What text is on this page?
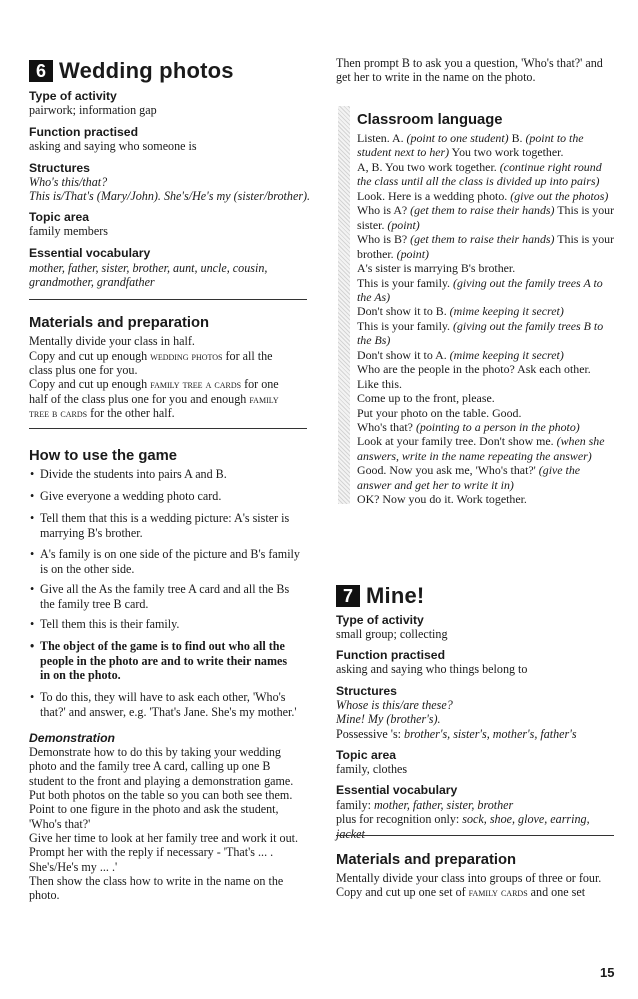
6 Wedding photos
Type of activity
pairwork; information gap
Function practised
asking and saying who someone is
Structures
Who's this/that?
This is/That's (Mary/John). She's/He's my (sister/brother).
Topic area
family members
Essential vocabulary
mother, father, sister, brother, aunt, uncle, cousin,
grandmother, grandfather
Materials and preparation
Mentally divide your class in half.
Copy and cut up enough wedding photos for all the
class plus one for you.
Copy and cut up enough family tree a cards for one
half of the class plus one for you and enough family
tree b cards for the other half.
How to use the game
• Divide the students into pairs A and B.
• Give everyone a wedding photo card.
• Tell them that this is a wedding picture: A's sister is
marrying B's brother.
• A's family is on one side of the picture and B's family
is on the other side.
• Give all the As the family tree A card and all the Bs
the family tree B card.
• Tell them this is their family.
• The object of the game is to find out who all the
people in the photo are and to write their names
in on the photo.
• To do this, they will have to ask each other, 'Who's
that?' and answer, e.g. 'That's Jane. She's my mother.'
Demonstration
Demonstrate how to do this by taking your wedding
photo and the family tree A card, calling up one B
student to the front and playing a demonstration game.
Put both photos on the table so you can both see them.
Point to one figure in the photo and ask the student,
'Who's that?'
Give her time to look at her family tree and work it out.
Prompt her with the reply if necessary - 'That's ... .
She's/He's my ... .'
Then show the class how to write in the name on the
photo.
Then prompt B to ask you a question, 'Who's that?' and
get her to write in the name on the photo.
Classroom language
Listen. A. (point to one student) B. (point to the
student next to her) You two work together.
A, B. You two work together. (continue right round
the class until all the class is divided up into pairs)
Look. Here is a wedding photo. (give out the photos)
Who is A? (get them to raise their hands) This is your
sister. (point)
Who is B? (get them to raise their hands) This is your
brother. (point)
A's sister is marrying B's brother.
This is your family. (giving out the family trees A to
the As)
Don't show it to B. (mime keeping it secret)
This is your family. (giving out the family trees B to
the Bs)
Don't show it to A. (mime keeping it secret)
Who are the people in the photo? Ask each other.
Like this.
Come up to the front, please.
Put your photo on the table. Good.
Who's that? (pointing to a person in the photo)
Look at your family tree. Don't show me. (when she
answers, write in the name repeating the answer)
Good. Now you ask me, 'Who's that?' (give the
answer and get her to write it in)
OK? Now you do it. Work together.
7 Mine!
Type of activity
small group; collecting
Function practised
asking and saying who things belong to
Structures
Whose is this/are these?
Mine! My (brother's).
Possessive 's: brother's, sister's, mother's, father's
Topic area
family, clothes
Essential vocabulary
family: mother, father, sister, brother
plus for recognition only: sock, shoe, glove, earring, jacket
Materials and preparation
Mentally divide your class into groups of three or four.
Copy and cut up one set of family cards and one set
15
